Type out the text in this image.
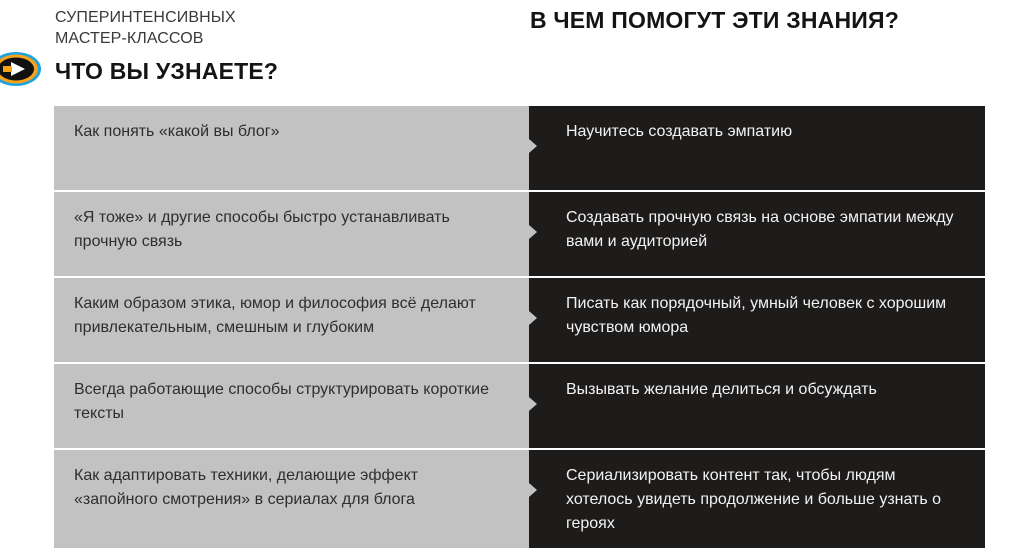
СУПЕРИНТЕНСИВНЫХ
МАСТЕР-КЛАССОВ
ЧТО ВЫ УЗНАЕТЕ?
В ЧЕМ ПОМОГУТ ЭТИ ЗНАНИЯ?
Как понять «какой вы блог»	Научитесь создавать эмпатию
«Я тоже» и другие способы быстро устанавливать прочную связь
Создавать прочную связь на основе эмпатии между вами и аудиторией
Каким образом этика, юмор и философия всё делают привлекательным, смешным и глубоким
Писать как порядочный, умный человек с хорошим чувством юмора
Всегда работающие способы структурировать короткие тексты
Вызывать желание делиться и обсуждать
Как адаптировать техники, делающие эффект «запойного смотрения» в сериалах для блога
Сериализировать контент так, чтобы людям хотелось увидеть продолжение и больше узнать о героях
